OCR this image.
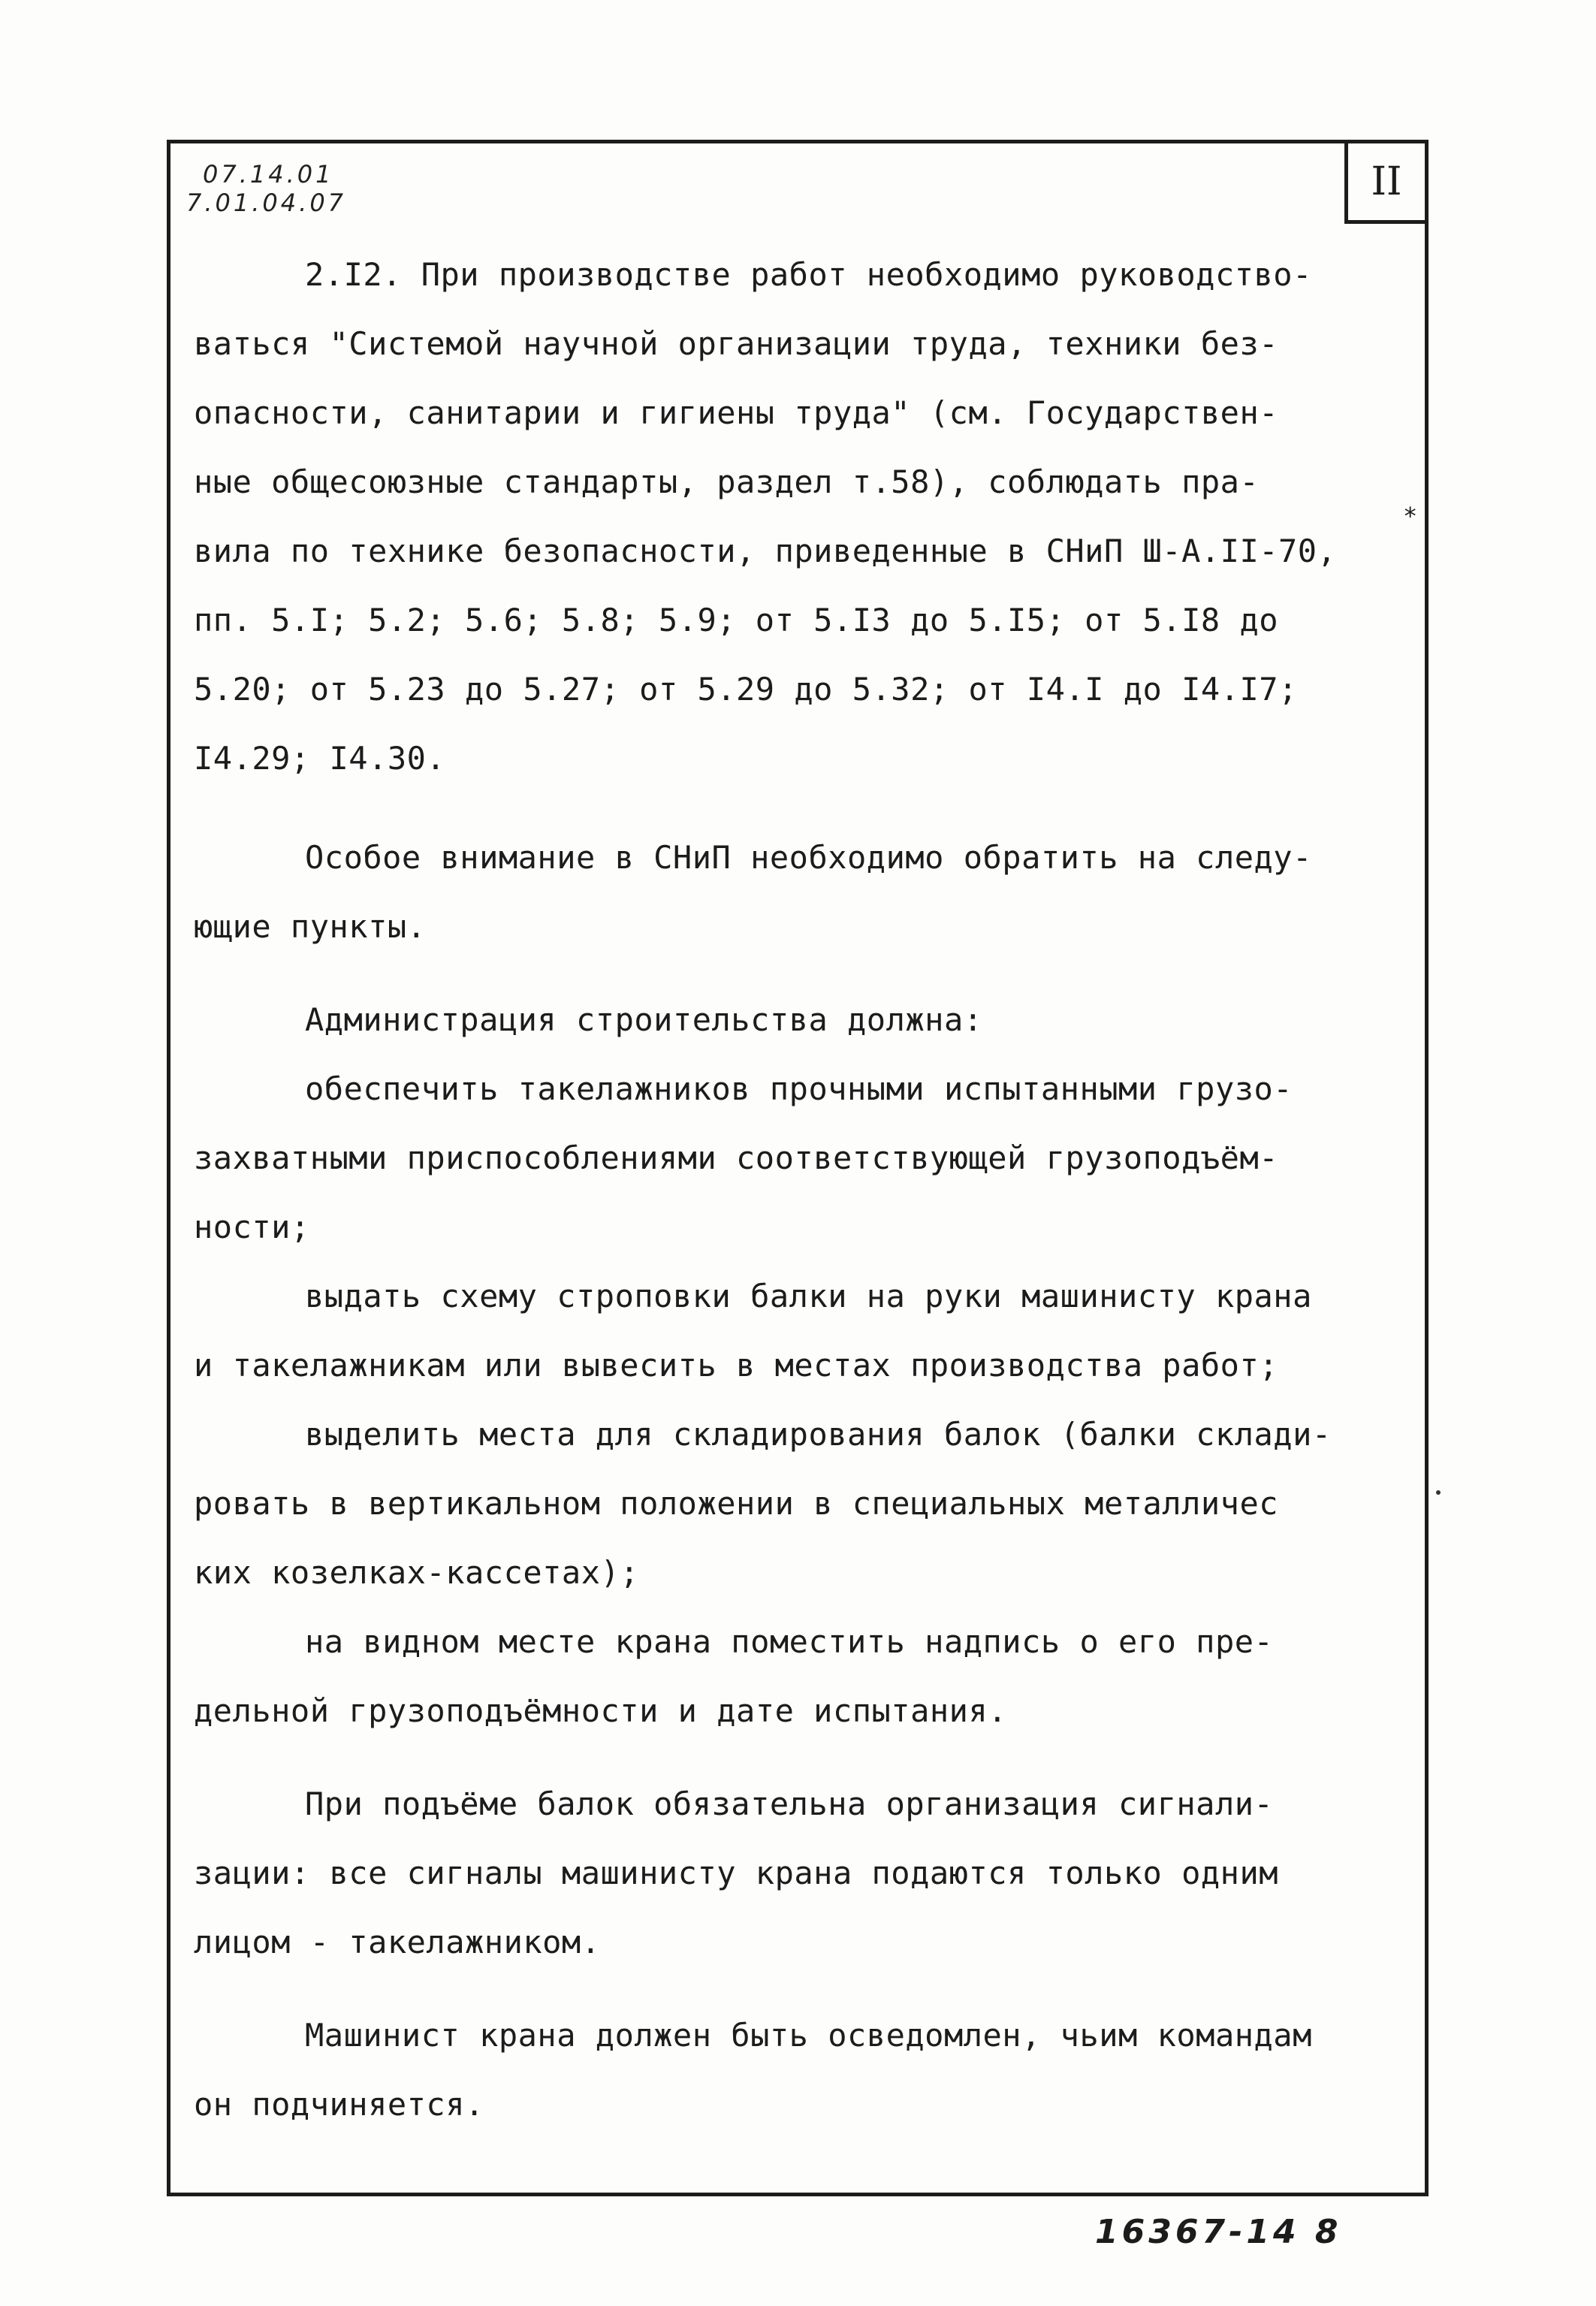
II
07.14.01
7.01.04.07
*
2.I2. При производстве работ необходимо руководство-
ваться "Системой научной организации труда, техники без-
опасности, санитарии и гигиены труда" (см. Государствен-
ные общесоюзные стандарты, раздел т.58), соблюдать пра-
вила по технике безопасности, приведенные в СНиП Ш-А.II-70,
пп. 5.I; 5.2; 5.6; 5.8; 5.9; от 5.I3 до 5.I5; от 5.I8 до
5.20; от 5.23 до 5.27; от 5.29 до 5.32; от I4.I до I4.I7;
I4.29; I4.30.
Особое внимание в СНиП необходимо обратить на следу-
ющие пункты.
Администрация строительства должна:
обеспечить такелажников прочными испытанными грузо-
захватными приспособлениями соответствующей грузоподъём-
ности;
выдать схему строповки балки на руки машинисту крана
и такелажникам или вывесить в местах производства работ;
выделить места для складирования балок (балки склади-
ровать в вертикальном положении в специальных металличес
ких козелках-кассетах);
на видном месте крана поместить надпись о его пре-
дельной грузоподъёмности и дате испытания.
При подъёме балок обязательна организация сигнали-
зации: все сигналы машинисту крана подаются только одним
лицом - такелажником.
Машинист крана должен быть осведомлен, чьим командам
он подчиняется.
16367-14 8
